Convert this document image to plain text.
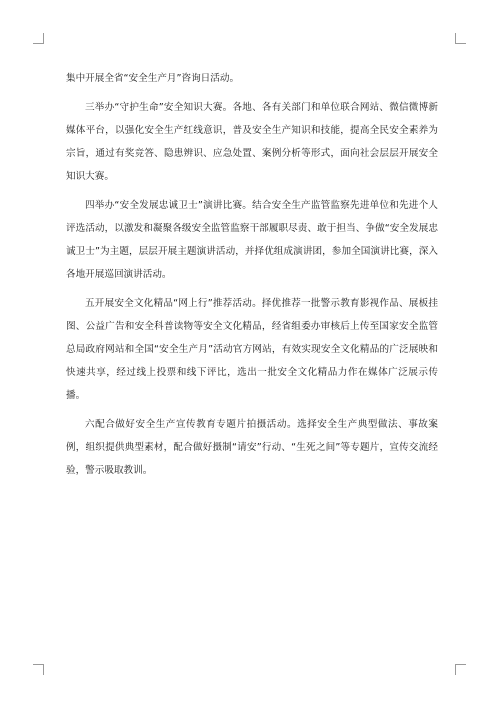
集中开展全省“安全生产月”咨询日活动。

三举办“守护生命”安全知识大赛。各地、各有关部门和单位联合网站、微信微博新媒体平台，以强化安全生产红线意识，普及安全生产知识和技能，提高全民安全素养为宗旨，通过有奖竞答、隐患辨识、应急处置、案例分析等形式，面向社会层层开展安全知识大赛。

四举办“安全发展忠诚卫士”演讲比赛。结合安全生产监管监察先进单位和先进个人评选活动，以激发和凝聚各级安全监管监察干部履职尽责、敢于担当、争做“安全发展忠诚卫士”为主题，层层开展主题演讲活动，并择优组成演讲团，参加全国演讲比赛，深入各地开展巡回演讲活动。

五开展安全文化精品“网上行”推荐活动。择优推荐一批警示教育影视作品、展板挂图、公益广告和安全科普读物等安全文化精品，经省组委办审核后上传至国家安全监管总局政府网站和全国“安全生产月”活动官方网站，有效实现安全文化精品的广泛展映和快速共享，经过线上投票和线下评比，选出一批安全文化精品力作在媒体广泛展示传播。

六配合做好安全生产宣传教育专题片拍摄活动。选择安全生产典型做法、事故案例，组织提供典型素材，配合做好摄制“请安”行动、“生死之间”等专题片，宣传交流经验，警示吸取教训。
